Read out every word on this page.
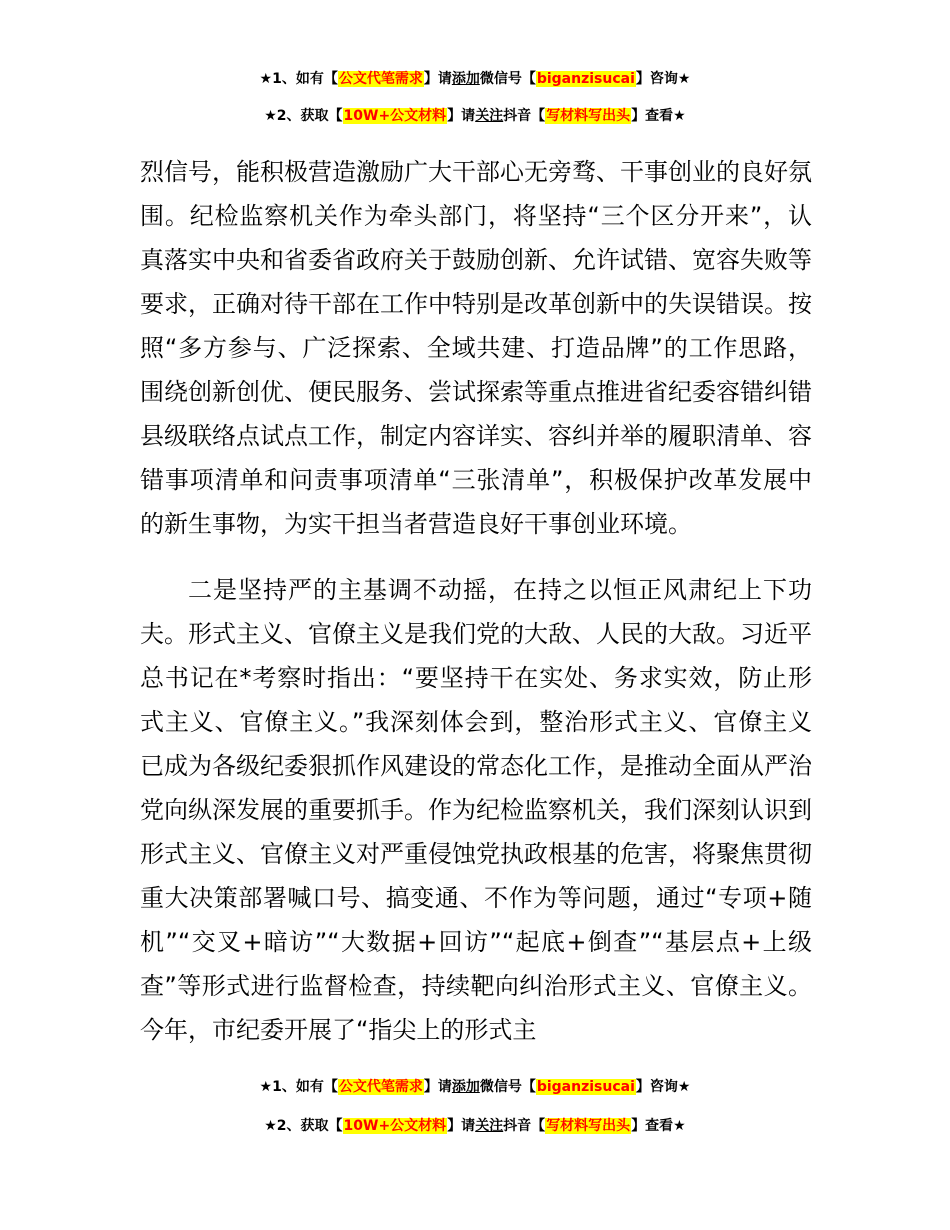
★1、如有【公文代笔需求】请添加微信号【biganzisucai】咨询★
★2、获取【10W+公文材料】请关注抖音【写材料写出头】查看★

烈信号，能积极营造激励广大干部心无旁骛、干事创业的良好氛围。纪检监察机关作为牵头部门，将坚持“三个区分开来”，认真落实中央和省委省政府关于鼓励创新、允许试错、宽容失败等要求，正确对待干部在工作中特别是改革创新中的失误错误。按照“多方参与、广泛探索、全域共建、打造品牌”的工作思路，围绕创新创优、便民服务、尝试探索等重点推进省纪委容错纠错县级联络点试点工作，制定内容详实、容纠并举的履职清单、容错事项清单和问责事项清单“三张清单”，积极保护改革发展中的新生事物，为实干担当者营造良好干事创业环境。

二是坚持严的主基调不动摇，在持之以恒正风肃纪上下功夫。形式主义、官僚主义是我们党的大敌、人民的大敌。习近平总书记在*考察时指出：“要坚持干在实处、务求实效，防止形式主义、官僚主义。”我深刻体会到，整治形式主义、官僚主义已成为各级纪委狠抓作风建设的常态化工作，是推动全面从严治党向纵深发展的重要抓手。作为纪检监察机关，我们深刻认识到形式主义、官僚主义对严重侵蚀党执政根基的危害，将聚焦贯彻重大决策部署喊口号、搞变通、不作为等问题，通过“专项+随机”“交叉+暗访”“大数据+回访”“起底+倒查”“基层点+上级查”等形式进行监督检查，持续靶向纠治形式主义、官僚主义。今年，市纪委开展了“指尖上的形式主

★1、如有【公文代笔需求】请添加微信号【biganzisucai】咨询★
★2、获取【10W+公文材料】请关注抖音【写材料写出头】查看★
